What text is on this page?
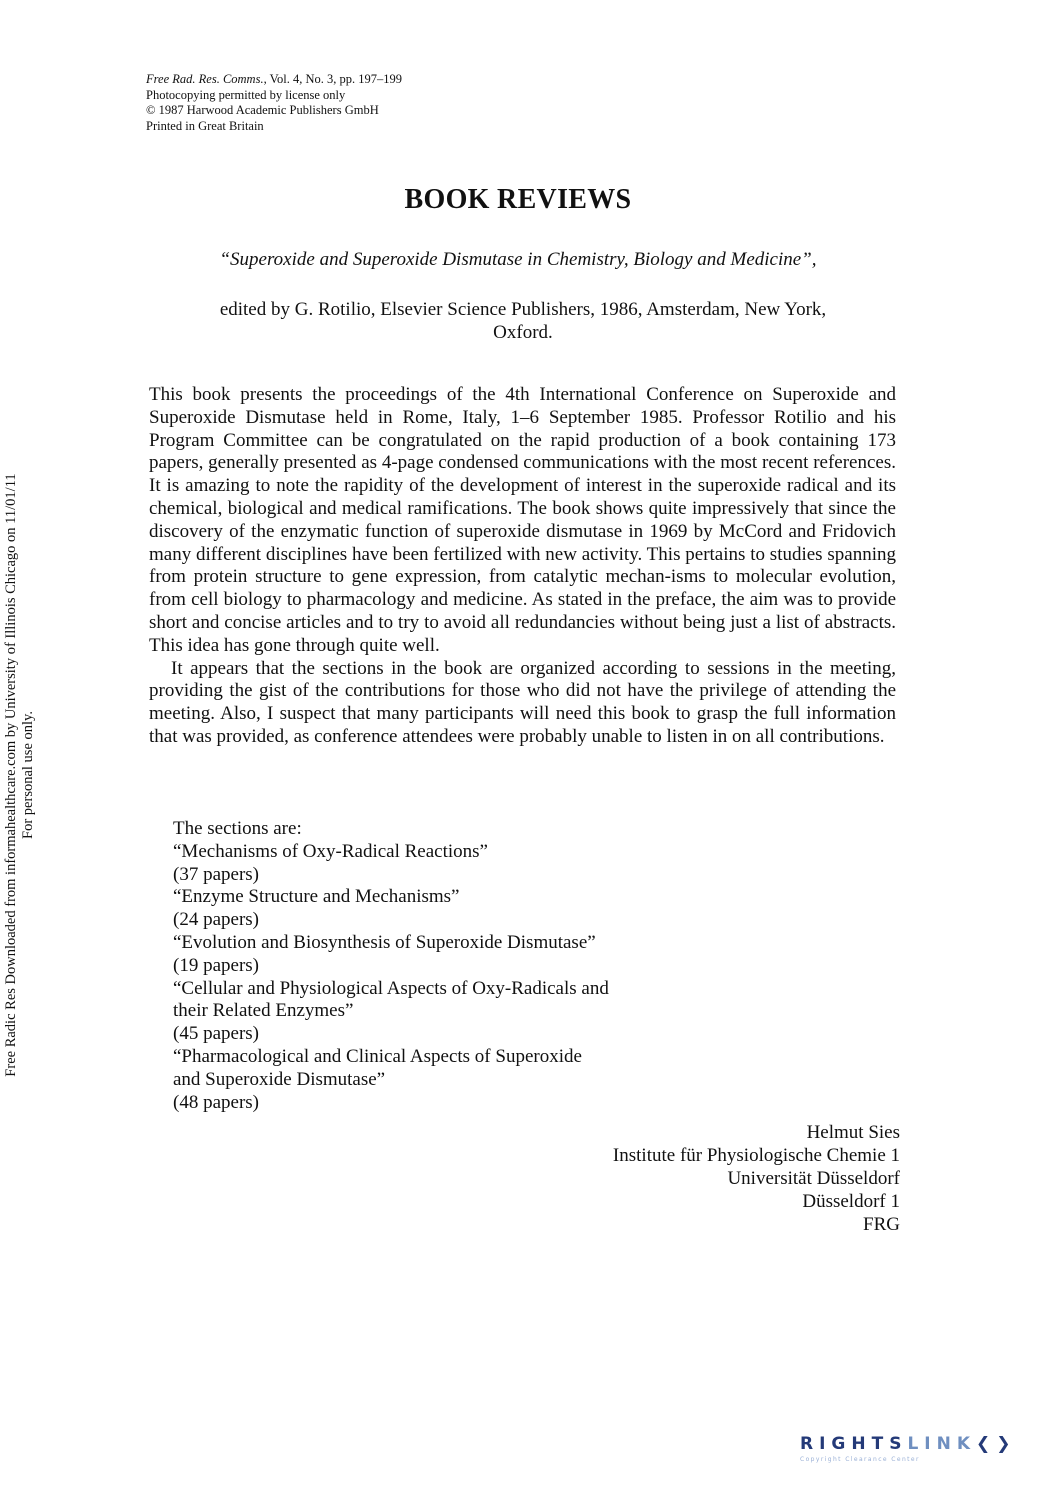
Free Rad. Res. Comms., Vol. 4, No. 3, pp. 197–199
Photocopying permitted by license only
© 1987 Harwood Academic Publishers GmbH
Printed in Great Britain
BOOK REVIEWS
“Superoxide and Superoxide Dismutase in Chemistry, Biology and Medicine”,
edited by G. Rotilio, Elsevier Science Publishers, 1986, Amsterdam, New York,
Oxford.

This book presents the proceedings of the 4th International Conference on Superoxide and Superoxide Dismutase held in Rome, Italy, 1–6 September 1985. Professor Rotilio and his Program Committee can be congratulated on the rapid production of a book containing 173 papers, generally presented as 4-page condensed communications with the most recent references. It is amazing to note the rapidity of the development of interest in the superoxide radical and its chemical, biological and medical ramifications. The book shows quite impressively that since the discovery of the enzymatic function of superoxide dismutase in 1969 by McCord and Fridovich many different disciplines have been fertilized with new activity. This pertains to studies spanning from protein structure to gene expression, from catalytic mechan-isms to molecular evolution, from cell biology to pharmacology and medicine. As stated in the preface, the aim was to provide short and concise articles and to try to avoid all redundancies without being just a list of abstracts. This idea has gone through quite well.

It appears that the sections in the book are organized according to sessions in the meeting, providing the gist of the contributions for those who did not have the privilege of attending the meeting. Also, I suspect that many participants will need this book to grasp the full information that was provided, as conference attendees were probably unable to listen in on all contributions.

The sections are:
“Mechanisms of Oxy-Radical Reactions”
(37 papers)
“Enzyme Structure and Mechanisms”
(24 papers)
“Evolution and Biosynthesis of Superoxide Dismutase”
(19 papers)
“Cellular and Physiological Aspects of Oxy-Radicals and
their Related Enzymes”
(45 papers)
“Pharmacological and Clinical Aspects of Superoxide
and Superoxide Dismutase”
(48 papers)
Helmut Sies
Institute für Physiologische Chemie 1
Universität Düsseldorf
Düsseldorf 1
FRG
Free Radic Res Downloaded from informahealthcare.com by University of Illinois Chicago on 11/01/11 For personal use only.
RIGHTSLINK❮❯
Copyright Clearance Center
